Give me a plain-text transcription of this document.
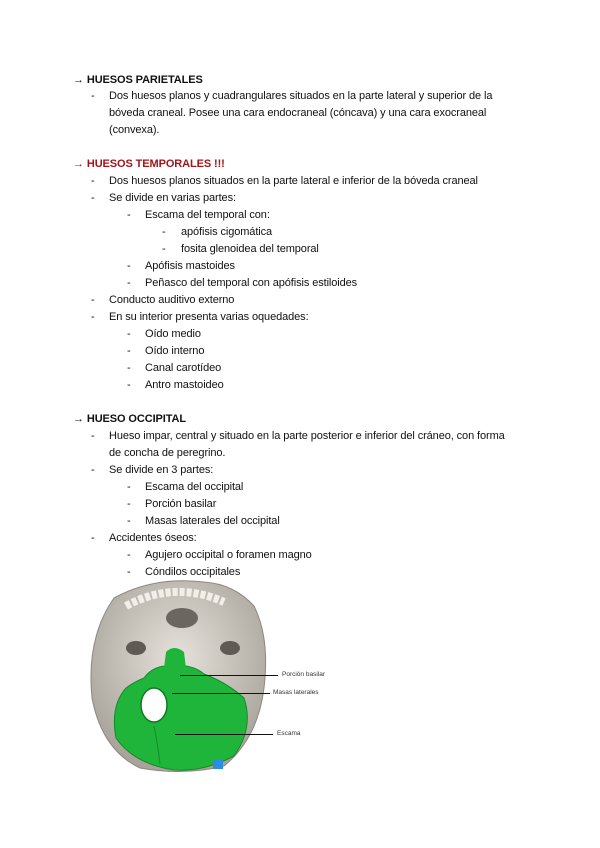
→ HUESOS PARIETALES
- Dos huesos planos y cuadrangulares situados en la parte lateral y superior de la
bóveda craneal. Posee una cara endocraneal (cóncava) y una cara exocraneal
(convexa).
→ HUESOS TEMPORALES !!!
- Dos huesos planos situados en la parte lateral e inferior de la bóveda craneal
- Se divide en varias partes:
- Escama del temporal con:
- apófisis cigomática
- fosita glenoidea del temporal
- Apófisis mastoides
- Peñasco del temporal con apófisis estiloides
- Conducto auditivo externo
- En su interior presenta varias oquedades:
- Oído medio
- Oído interno
- Canal carotídeo
- Antro mastoideo
→ HUESO OCCIPITAL
- Hueso impar, central y situado en la parte posterior e inferior del cráneo, con forma
de concha de peregrino.
- Se divide en 3 partes:
- Escama del occipital
- Porción basilar
- Masas laterales del occipital
- Accidentes óseos:
- Agujero occipital o foramen magno
- Cóndilos occipitales
Porción basilar
Masas laterales
Escama
